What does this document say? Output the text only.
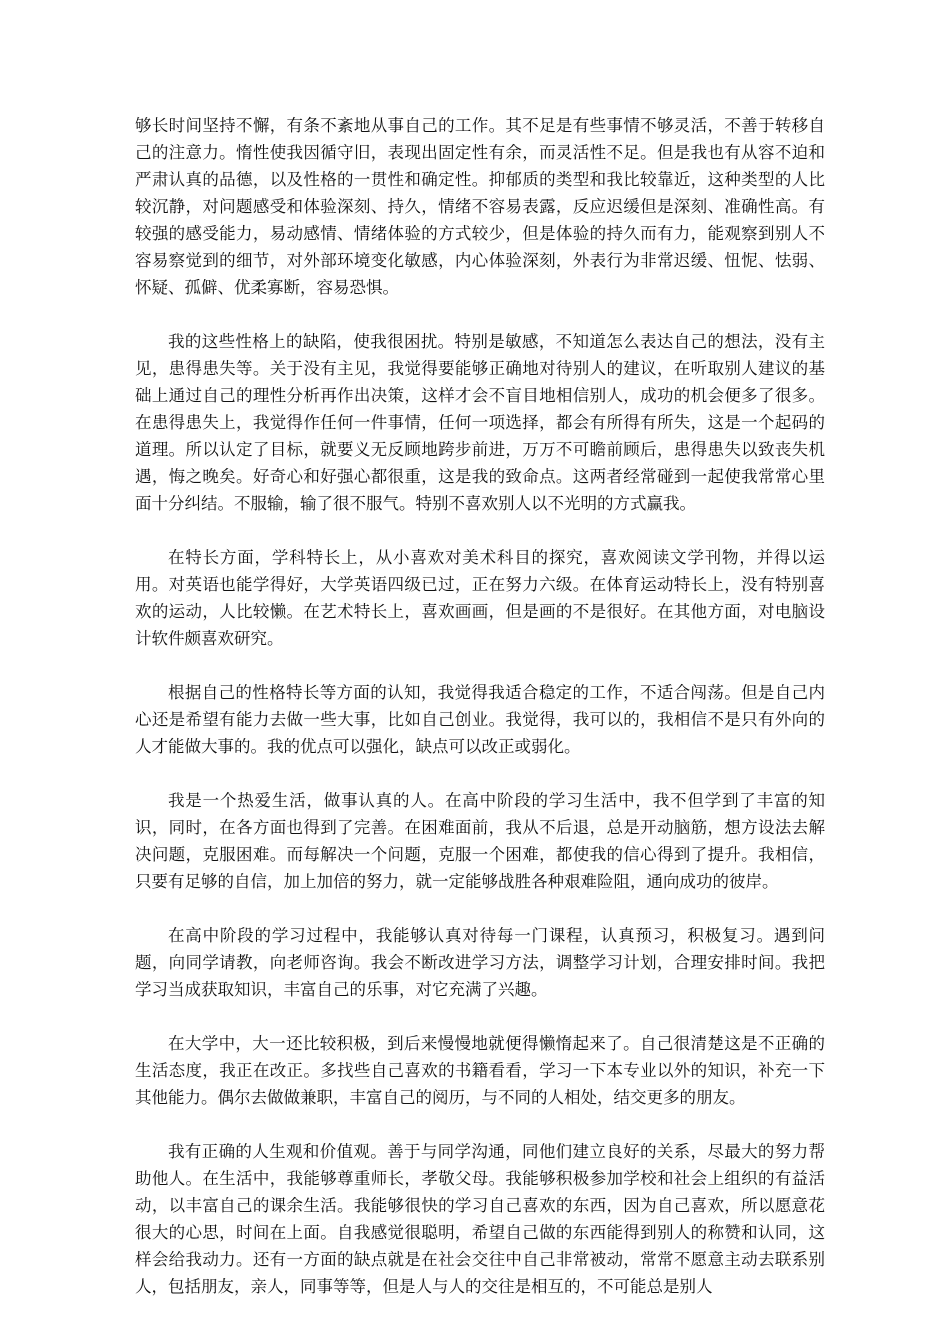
够长时间坚持不懈，有条不紊地从事自己的工作。其不足是有些事情不够灵活，不善于转移自己的注意力。惰性使我因循守旧，表现出固定性有余，而灵活性不足。但是我也有从容不迫和严肃认真的品德，以及性格的一贯性和确定性。抑郁质的类型和我比较靠近，这种类型的人比较沉静，对问题感受和体验深刻、持久，情绪不容易表露，反应迟缓但是深刻、准确性高。有较强的感受能力，易动感情、情绪体验的方式较少，但是体验的持久而有力，能观察到别人不容易察觉到的细节，对外部环境变化敏感，内心体验深刻，外表行为非常迟缓、忸怩、怯弱、怀疑、孤僻、优柔寡断，容易恐惧。

我的这些性格上的缺陷，使我很困扰。特别是敏感，不知道怎么表达自己的想法，没有主见，患得患失等。关于没有主见，我觉得要能够正确地对待别人的建议，在听取别人建议的基础上通过自己的理性分析再作出决策，这样才会不盲目地相信别人，成功的机会便多了很多。在患得患失上，我觉得作任何一件事情，任何一项选择，都会有所得有所失，这是一个起码的道理。所以认定了目标，就要义无反顾地跨步前进，万万不可瞻前顾后，患得患失以致丧失机遇，悔之晚矣。好奇心和好强心都很重，这是我的致命点。这两者经常碰到一起使我常常心里面十分纠结。不服输，输了很不服气。特别不喜欢别人以不光明的方式赢我。

在特长方面，学科特长上，从小喜欢对美术科目的探究，喜欢阅读文学刊物，并得以运用。对英语也能学得好，大学英语四级已过，正在努力六级。在体育运动特长上，没有特别喜欢的运动，人比较懒。在艺术特长上，喜欢画画，但是画的不是很好。在其他方面，对电脑设计软件颇喜欢研究。

根据自己的性格特长等方面的认知，我觉得我适合稳定的工作，不适合闯荡。但是自己内心还是希望有能力去做一些大事，比如自己创业。我觉得，我可以的，我相信不是只有外向的人才能做大事的。我的优点可以强化，缺点可以改正或弱化。

我是一个热爱生活，做事认真的人。在高中阶段的学习生活中，我不但学到了丰富的知识，同时，在各方面也得到了完善。在困难面前，我从不后退，总是开动脑筋，想方设法去解决问题，克服困难。而每解决一个问题，克服一个困难，都使我的信心得到了提升。我相信，只要有足够的自信，加上加倍的努力，就一定能够战胜各种艰难险阻，通向成功的彼岸。

在高中阶段的学习过程中，我能够认真对待每一门课程，认真预习，积极复习。遇到问题，向同学请教，向老师咨询。我会不断改进学习方法，调整学习计划，合理安排时间。我把学习当成获取知识，丰富自己的乐事，对它充满了兴趣。

在大学中，大一还比较积极，到后来慢慢地就便得懒惰起来了。自己很清楚这是不正确的生活态度，我正在改正。多找些自己喜欢的书籍看看，学习一下本专业以外的知识，补充一下其他能力。偶尔去做做兼职，丰富自己的阅历，与不同的人相处，结交更多的朋友。

我有正确的人生观和价值观。善于与同学沟通，同他们建立良好的关系，尽最大的努力帮助他人。在生活中，我能够尊重师长，孝敬父母。我能够积极参加学校和社会上组织的有益活动，以丰富自己的课余生活。我能够很快的学习自己喜欢的东西，因为自己喜欢，所以愿意花很大的心思，时间在上面。自我感觉很聪明，希望自己做的东西能得到别人的称赞和认同，这样会给我动力。还有一方面的缺点就是在社会交往中自己非常被动，常常不愿意主动去联系别人，包括朋友，亲人，同事等等，但是人与人的交往是相互的，不可能总是别人
